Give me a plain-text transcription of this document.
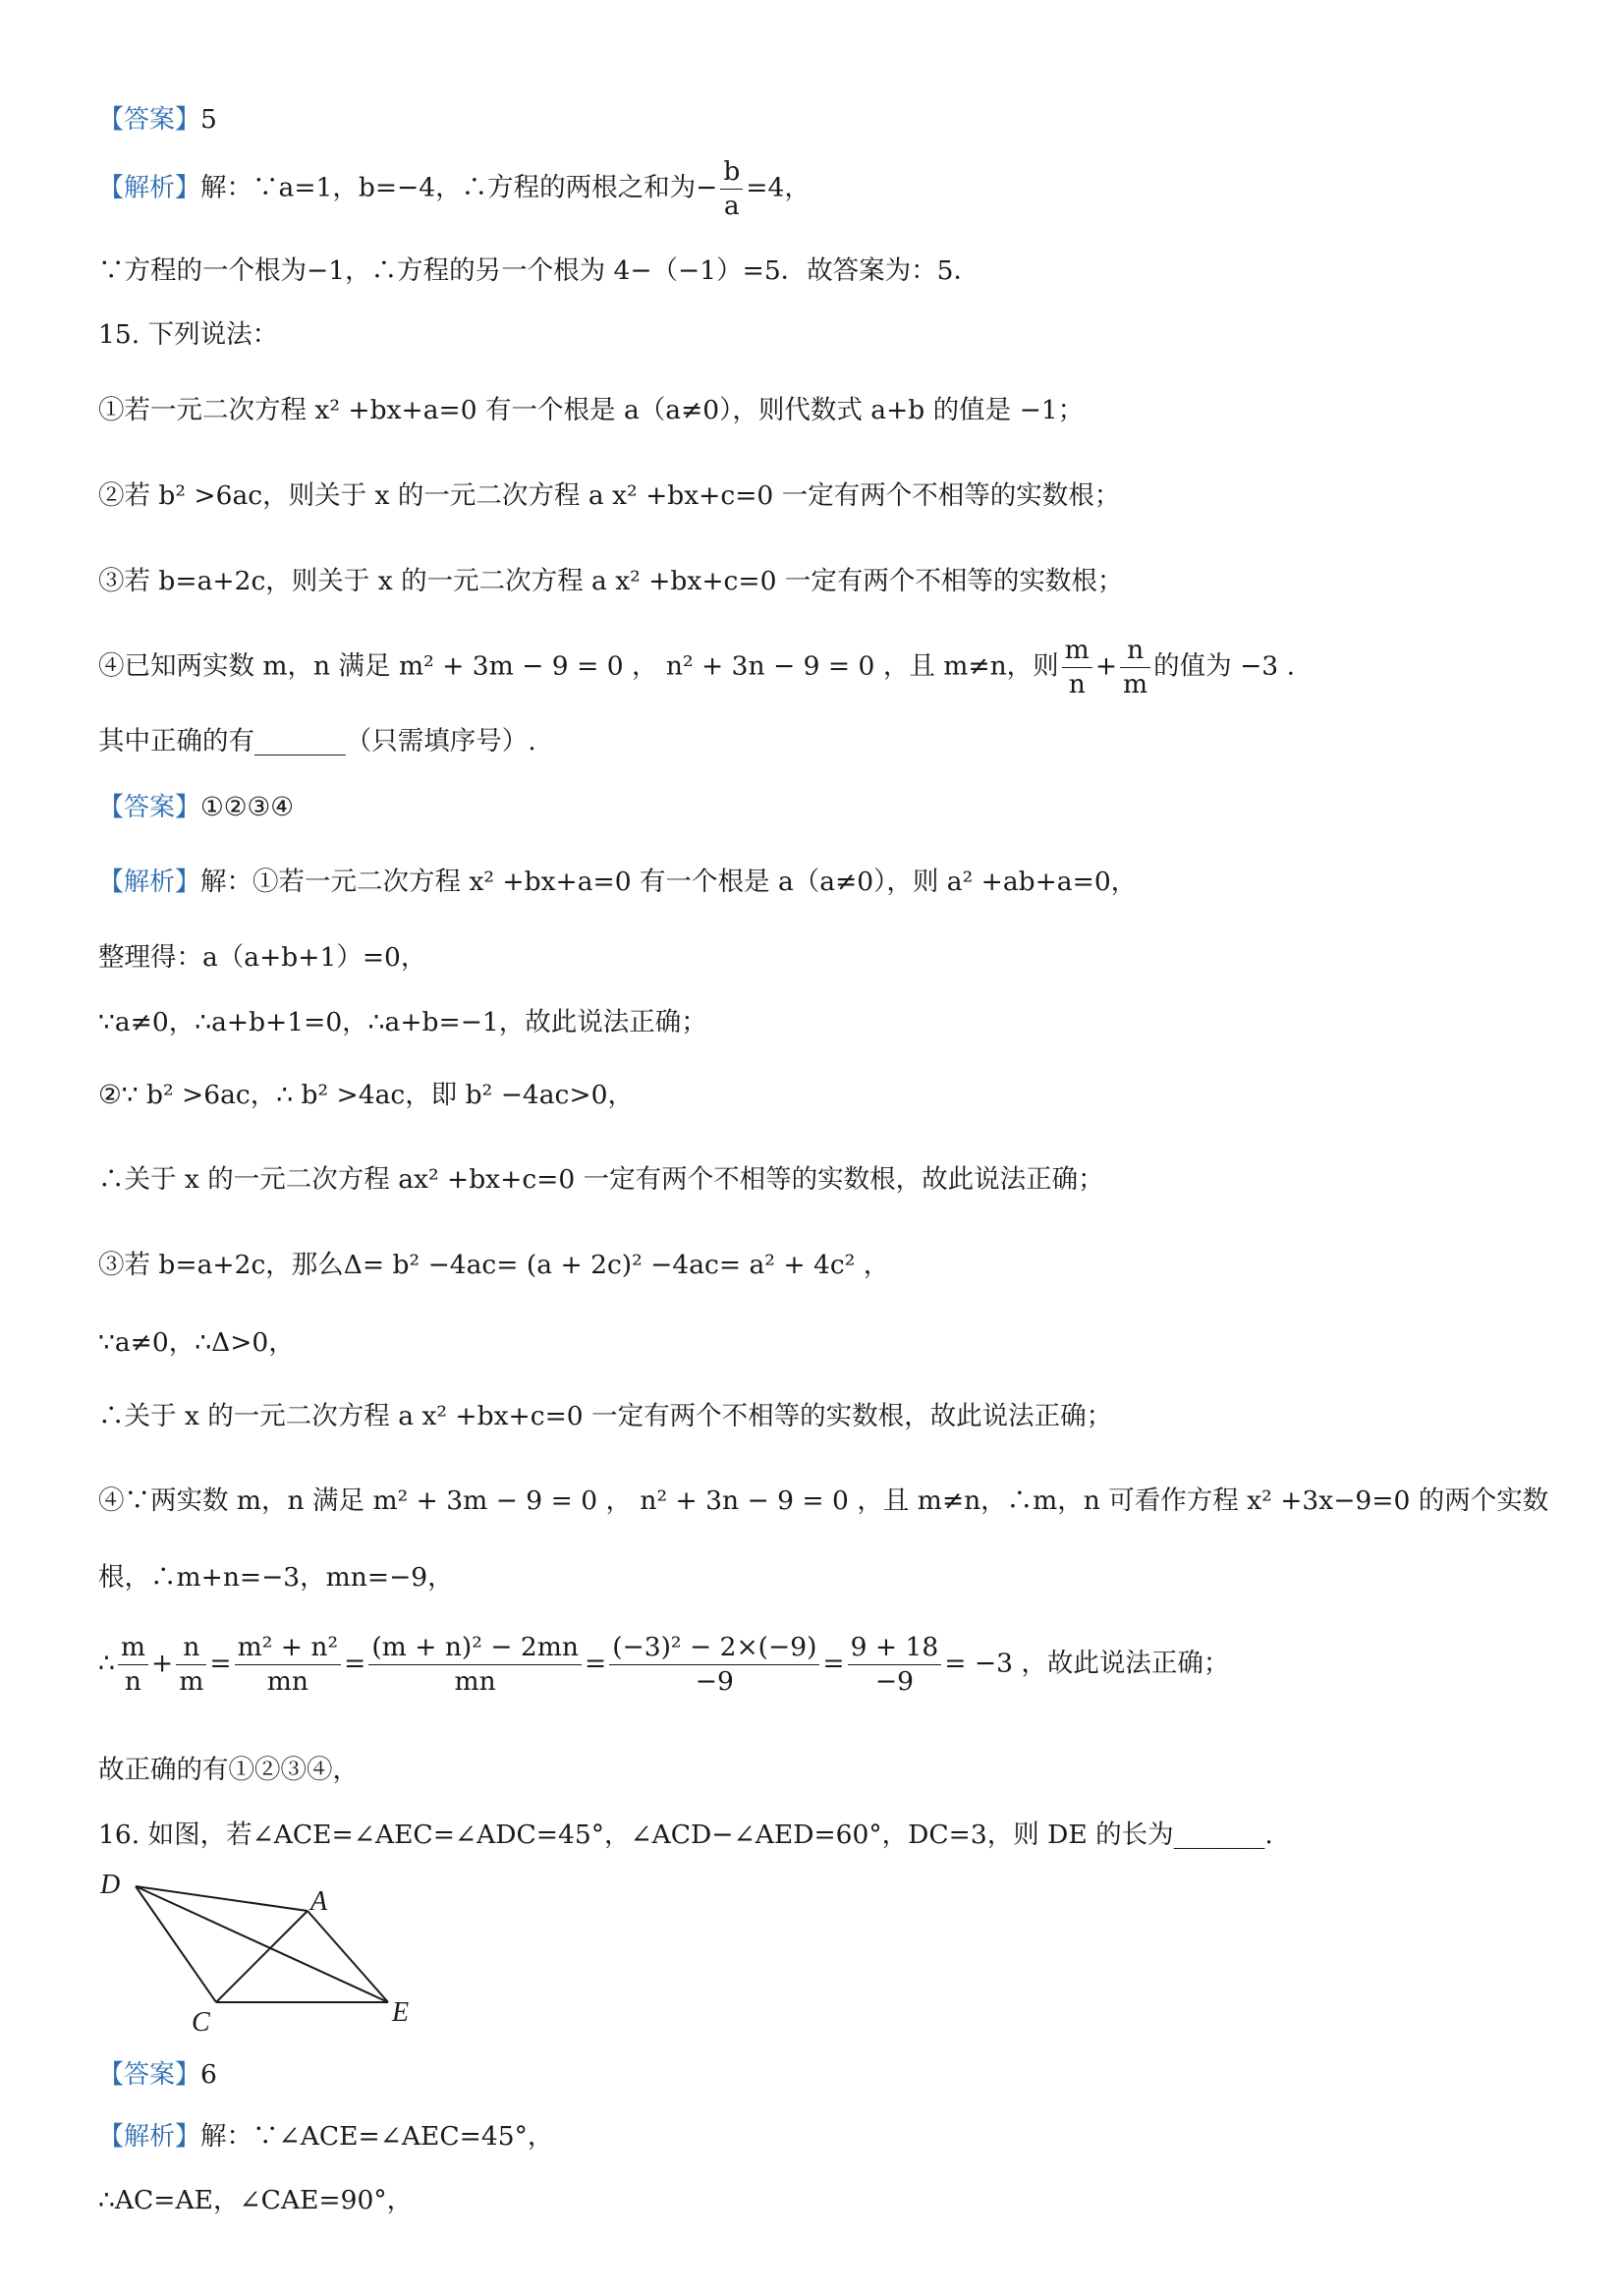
【答案】5
【解析】解：∵a=1，b=−4，∴方程的两根之和为− $\frac{b}{a} =4$，
∵方程的一个根为−1，∴方程的另一个根为 4−（−1）=5．故答案为：5．
15. 下列说法：
①若一元二次方程 x² +bx+a=0 有一个根是 a（a≠0），则代数式 a+b 的值是 −1；
②若 b² >6ac，则关于 x 的一元二次方程 a x² +bx+c=0 一定有两个不相等的实数根；
③若 b=a+2c，则关于 x 的一元二次方程 a x² +bx+c=0 一定有两个不相等的实数根；
④已知两实数 m，n 满足 m² + 3m − 9 = 0 ， n² + 3n − 9 = 0 ，且 m≠n，则 $\frac{m}{n} + \frac{n}{m}$ 的值为 −3 .
其中正确的有_______（只需填序号）.
【答案】①②③④
【解析】解：①若一元二次方程 x² +bx+a=0 有一个根是 a（a≠0），则 a² +ab+a=0，
整理得：a（a+b+1）=0，
∵a≠0，∴a+b+1=0，∴a+b=−1，故此说法正确；
②∵ b² >6ac，∴ b² >4ac，即 b² −4ac>0，
∴关于 x 的一元二次方程 ax² +bx+c=0 一定有两个不相等的实数根，故此说法正确；
③若 b=a+2c，那么Δ= b² −4ac= (a + 2c)² −4ac= a² + 4c² ，
∵a≠0，∴Δ>0，
∴关于 x 的一元二次方程 a x² +bx+c=0 一定有两个不相等的实数根，故此说法正确；
④∵两实数 m，n 满足 m² + 3m − 9 = 0 ， n² + 3n − 9 = 0 ，且 m≠n，∴m，n 可看作方程 x² +3x−9=0 的两个实数
根，∴m+n=−3，mn=−9，
∴ $\frac{m}{n} + \frac{n}{m} = \frac{\text{m² + n²}}{mn} = \frac{\text{(m + n)² − 2mn}}{mn} = \frac{\text{(−3)² − 2×(−9)}}{-9} = \frac{9 + 18}{-9} = -3$ ，故此说法正确；
故正确的有①②③④，
16. 如图，若∠ACE=∠AEC=∠ADC=45°，∠ACD−∠AED=60°，DC=3，则 DE 的长为_______.
D
A
C	E
【答案】6
【解析】解：∵∠ACE=∠AEC=45°，
∴AC=AE，∠CAE=90°，
